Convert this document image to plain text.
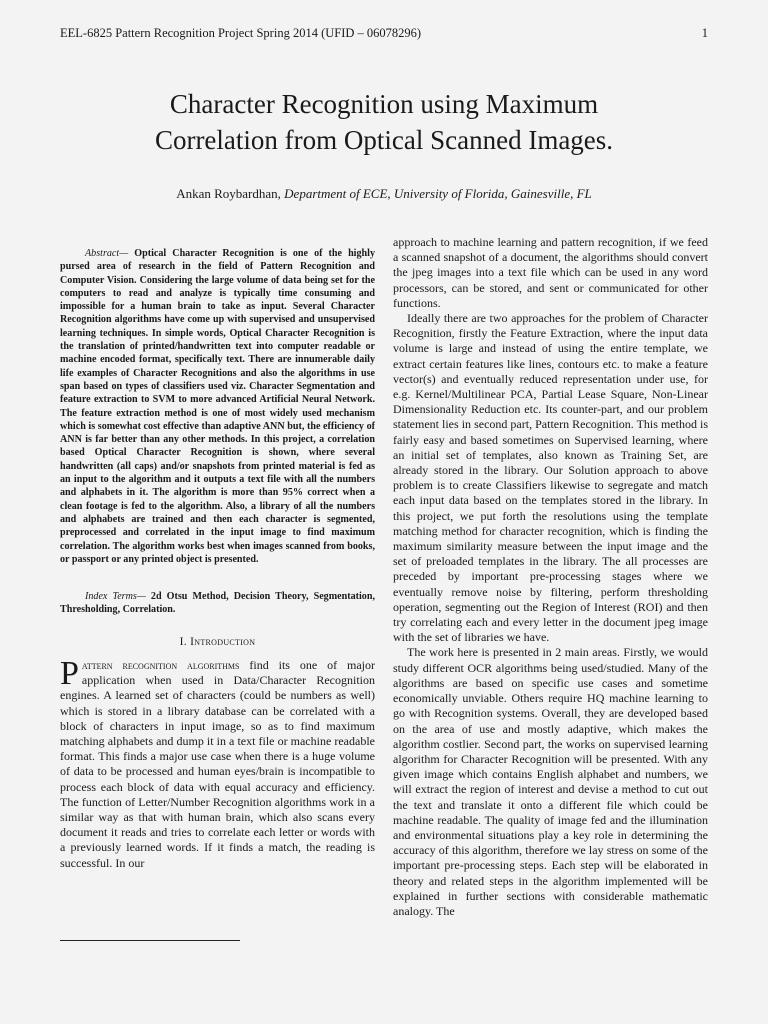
EEL-6825 Pattern Recognition Project Spring 2014 (UFID – 06078296)	1
Character Recognition using Maximum
Correlation from Optical Scanned Images.
Ankan Roybardhan, Department of ECE, University of Florida, Gainesville, FL
Abstract— Optical Character Recognition is one of the highly pursed area of research in the field of Pattern Recognition and Computer Vision. Considering the large volume of data being set for the computers to read and analyze is typically time consuming and impossible for a human brain to take as input. Several Character Recognition algorithms have come up with supervised and unsupervised learning techniques. In simple words, Optical Character Recognition is the translation of printed/handwritten text into computer readable or machine encoded format, specifically text. There are innumerable daily life examples of Character Recognitions and also the algorithms in use span based on types of classifiers used viz. Character Segmentation and feature extraction to SVM to more advanced Artificial Neural Network. The feature extraction method is one of most widely used mechanism which is somewhat cost effective than adaptive ANN but, the efficiency of ANN is far better than any other methods. In this project, a correlation based Optical Character Recognition is shown, where several handwritten (all caps) and/or snapshots from printed material is fed as an input to the algorithm and it outputs a text file with all the numbers and alphabets in it. The algorithm is more than 95% correct when a clean footage is fed to the algorithm. Also, a library of all the numbers and alphabets are trained and then each character is segmented, preprocessed and correlated in the input image to find maximum correlation. The algorithm works best when images scanned from books, or passport or any printed object is presented.
Index Terms— 2d Otsu Method, Decision Theory, Segmentation, Thresholding, Correlation.
I. Introduction

Pattern recognition algorithms find its one of major application when used in Data/Character Recognition engines. A learned set of characters (could be numbers as well) which is stored in a library database can be correlated with a block of characters in input image, so as to find maximum matching alphabets and dump it in a text file or machine readable format. This finds a major use case when there is a huge volume of data to be processed and human eyes/brain is incompatible to process each block of data with equal accuracy and efficiency. The function of Letter/Number Recognition algorithms work in a similar way as that with human brain, which also scans every document it reads and tries to correlate each letter or words with a previously learned words. If it finds a match, the reading is successful. In our

approach to machine learning and pattern recognition, if we feed a scanned snapshot of a document, the algorithms should convert the jpeg images into a text file which can be used in any word processors, can be stored, and sent or communicated for other functions.

Ideally there are two approaches for the problem of Character Recognition, firstly the Feature Extraction, where the input data volume is large and instead of using the entire template, we extract certain features like lines, contours etc. to make a feature vector(s) and eventually reduced representation under use, for e.g. Kernel/Multilinear PCA, Partial Lease Square, Non-Linear Dimensionality Reduction etc. Its counter-part, and our problem statement lies in second part, Pattern Recognition. This method is fairly easy and based sometimes on Supervised learning, where an initial set of templates, also known as Training Set, are already stored in the library. Our Solution approach to above problem is to create Classifiers likewise to segregate and match each input data based on the templates stored in the library. In this project, we put forth the resolutions using the template matching method for character recognition, which is finding the maximum similarity measure between the input image and the set of preloaded templates in the library. The all processes are preceded by important pre-processing stages where we eventually remove noise by filtering, perform thresholding operation, segmenting out the Region of Interest (ROI) and then try correlating each and every letter in the document jpeg image with the set of libraries we have.

The work here is presented in 2 main areas. Firstly, we would study different OCR algorithms being used/studied. Many of the algorithms are based on specific use cases and sometime economically unviable. Others require HQ machine learning to go with Recognition systems. Overall, they are developed based on the area of use and mostly adaptive, which makes the algorithm costlier. Second part, the works on supervised learning algorithm for Character Recognition will be presented. With any given image which contains English alphabet and numbers, we will extract the region of interest and devise a method to cut out the text and translate it onto a different file which could be machine readable. The quality of image fed and the illumination and environmental situations play a key role in determining the accuracy of this algorithm, therefore we lay stress on some of the important pre-processing steps. Each step will be elaborated in theory and related steps in the algorithm implemented will be explained in further sections with considerable mathematic analogy. The
